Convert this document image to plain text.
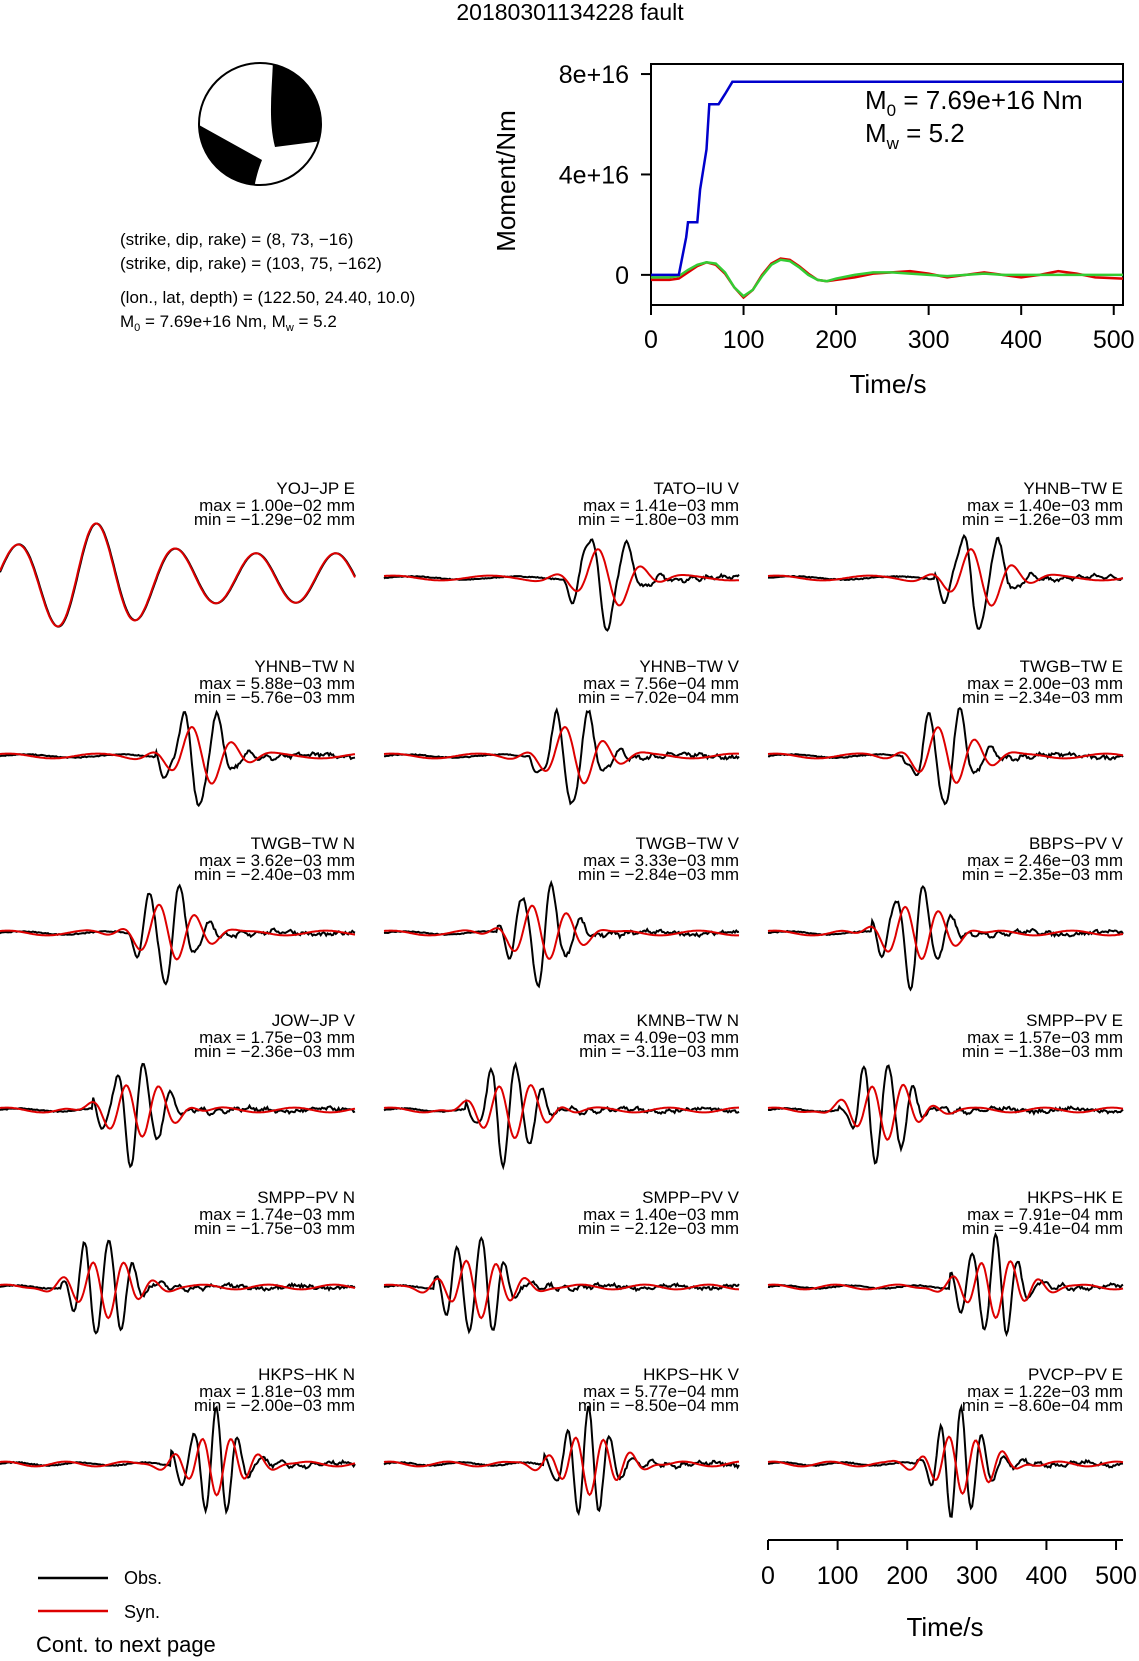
20180301134228 fault
(strike, dip, rake) = (8, 73, −16)
(strike, dip, rake) = (103, 75, −162)
(lon., lat, depth) = (122.50, 24.40, 10.0)
$M_0 = 7.69e+16$ Nm, $M_w = 5.2$
0	100 200 300 400 500
0
4e+16
8e+16
Time/s
Moment/Nm
$M_0 = 7.69e+16$ Nm
$M_w = 5.2$
YOJ−JP E
max = 1.00e−02 mm
min = −1.29e−02 mm
TATO−IU V
max = 1.41e−03 mm
min = −1.80e−03 mm
YHNB−TW E
max = 1.40e−03 mm
min = −1.26e−03 mm
YHNB−TW N
max = 5.88e−03 mm
min = −5.76e−03 mm
YHNB−TW V
max = 7.56e−04 mm
min = −7.02e−04 mm
TWGB−TW E
max = 2.00e−03 mm
min = −2.34e−03 mm
TWGB−TW N
max = 3.62e−03 mm
min = −2.40e−03 mm
TWGB−TW V
max = 3.33e−03 mm
min = −2.84e−03 mm
BBPS−PV V
max = 2.46e−03 mm
min = −2.35e−03 mm
JOW−JP V
max = 1.75e−03 mm
min = −2.36e−03 mm
KMNB−TW N
max = 4.09e−03 mm
min = −3.11e−03 mm
SMPP−PV E
max = 1.57e−03 mm
min = −1.38e−03 mm
SMPP−PV N
max = 1.74e−03 mm
min = −1.75e−03 mm
SMPP−PV V
max = 1.40e−03 mm
min = −2.12e−03 mm
HKPS−HK E
max = 7.91e−04 mm
min = −9.41e−04 mm
HKPS−HK N
max = 1.81e−03 mm
min = −2.00e−03 mm
HKPS−HK V
max = 5.77e−04 mm
min = −8.50e−04 mm
PVCP−PV E
max = 1.22e−03 mm
min = −8.60e−04 mm
0 100 200 300 400 500
Time/s
Obs.
Syn.
Cont. to next page
